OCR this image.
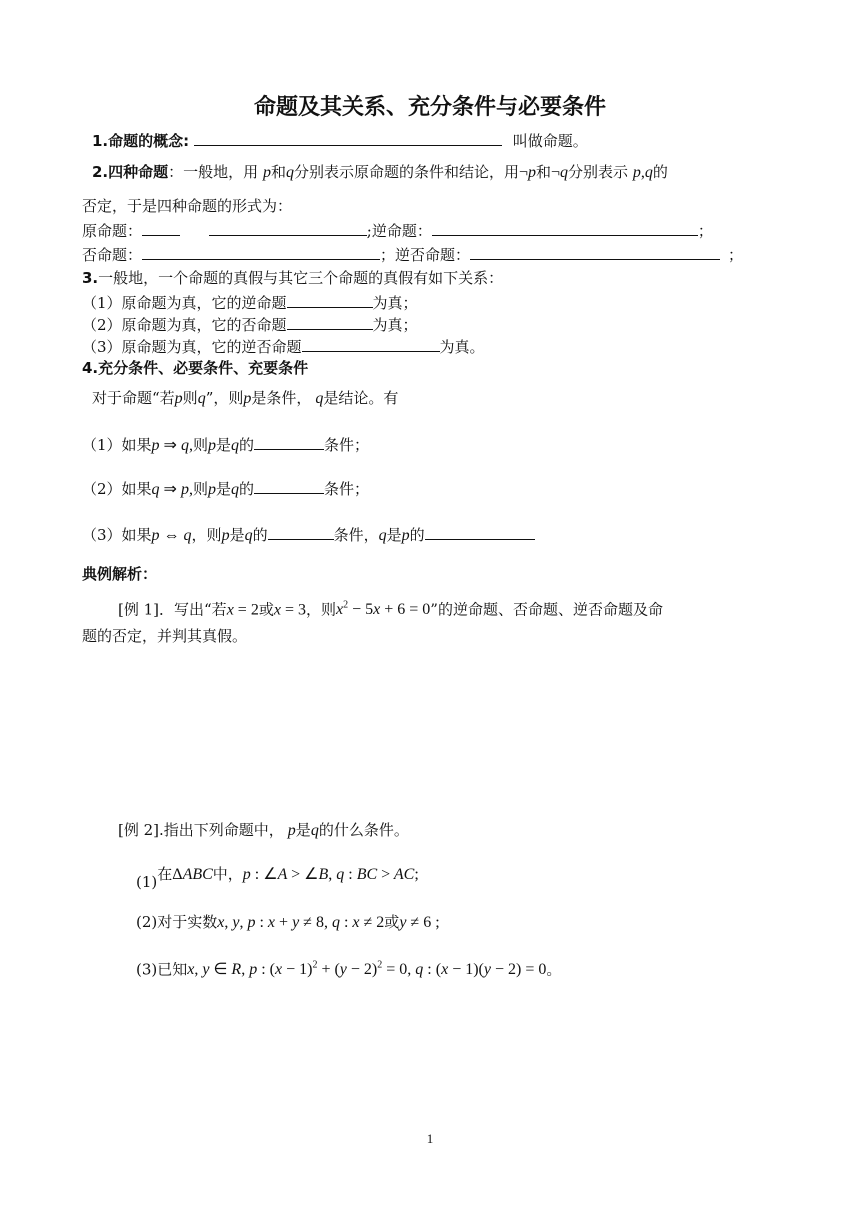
命题及其关系、充分条件与必要条件
1.命题的概念:	叫做命题。
2.四种命题：一般地，用 p和q分别表示原命题的条件和结论，用¬p和¬q分别表示 p,q的
否定，于是四种命题的形式为：
原命题：	;逆命题：	；
否命题：	；逆否命题：	；
3.一般地，一个命题的真假与其它三个命题的真假有如下关系：
（1）原命题为真，它的逆命题	为真；
（2）原命题为真，它的否命题	为真；
（3）原命题为真，它的逆否命题	为真。
4.充分条件、必要条件、充要条件
对于命题“若p则q”，则p是条件， q是结论。有
（1）如果p ⇒ q,则p是q的	条件；
（2）如果q ⇒ p,则p是q的	条件；
（3）如果p ⇔ q，则p是q的	条件，q是p的
典例解析：
[例 1]．写出“若x = 2或x = 3，则$x^2 - 5x + 6 = 0$”的逆命题、否命题、逆否命题及命
题的否定，并判其真假。
[例 2].指出下列命题中， p是q的什么条件。
(1)在ΔABC中，p : ∠A > ∠B, q : BC > AC;
(2)对于实数x, y, p : x + y ≠ 8, q : x ≠ 2或y ≠ 6 ;
(3)已知x, y ∈ R, p : $(x - 1)^2 + (y - 2)^2 = 0$, q : (x − 1)(y − 2) = 0。
1
